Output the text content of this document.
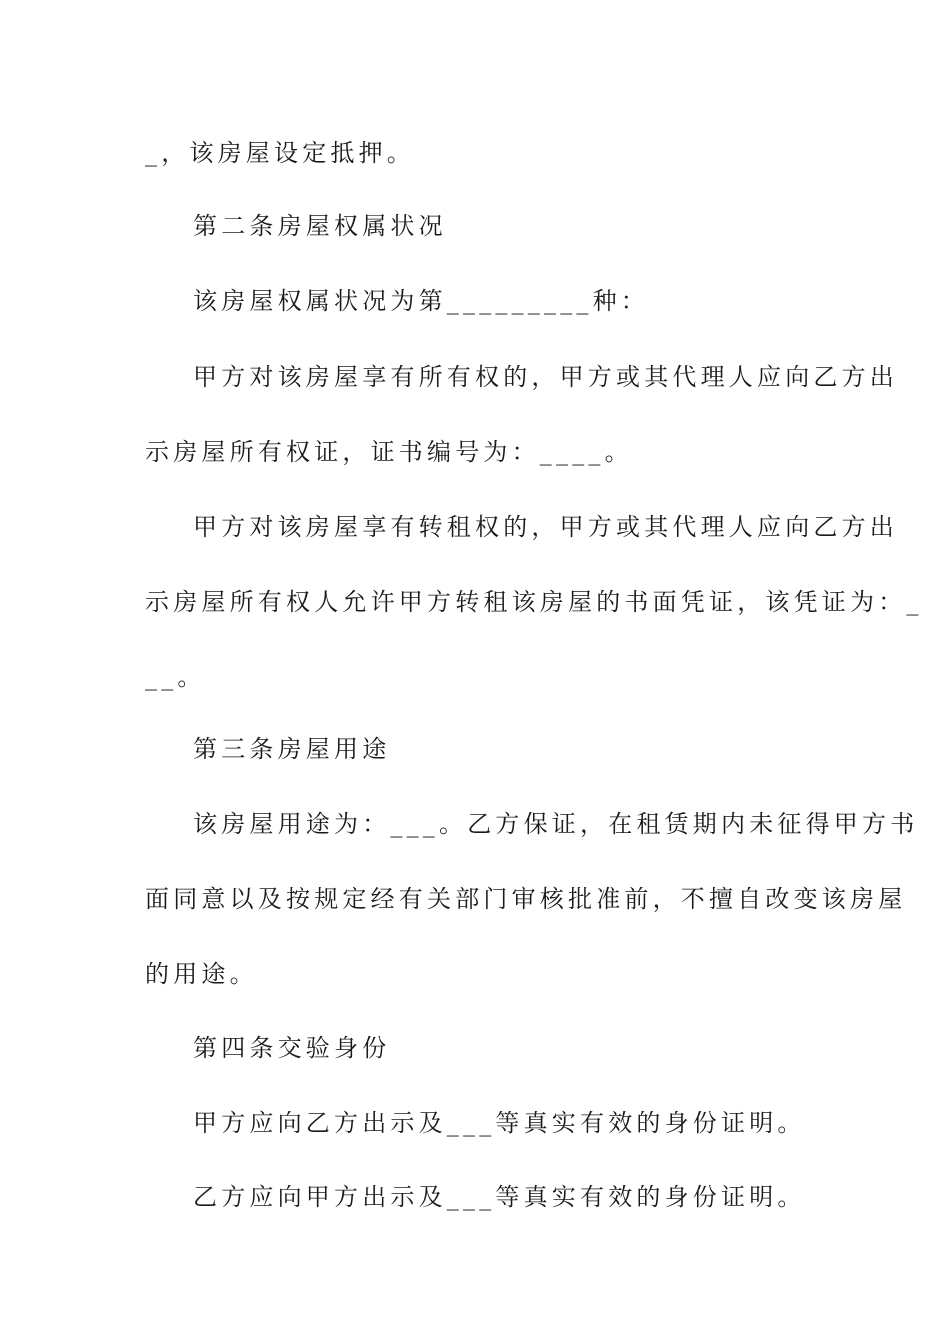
_，该房屋设定抵押。
第二条房屋权属状况
该房屋权属状况为第_________种：
甲方对该房屋享有所有权的，甲方或其代理人应向乙方出
示房屋所有权证，证书编号为：____。
甲方对该房屋享有转租权的，甲方或其代理人应向乙方出
示房屋所有权人允许甲方转租该房屋的书面凭证，该凭证为：_
__。
第三条房屋用途
该房屋用途为：___。乙方保证，在租赁期内未征得甲方书
面同意以及按规定经有关部门审核批准前，不擅自改变该房屋
的用途。
第四条交验身份
甲方应向乙方出示及___等真实有效的身份证明。
乙方应向甲方出示及___等真实有效的身份证明。
